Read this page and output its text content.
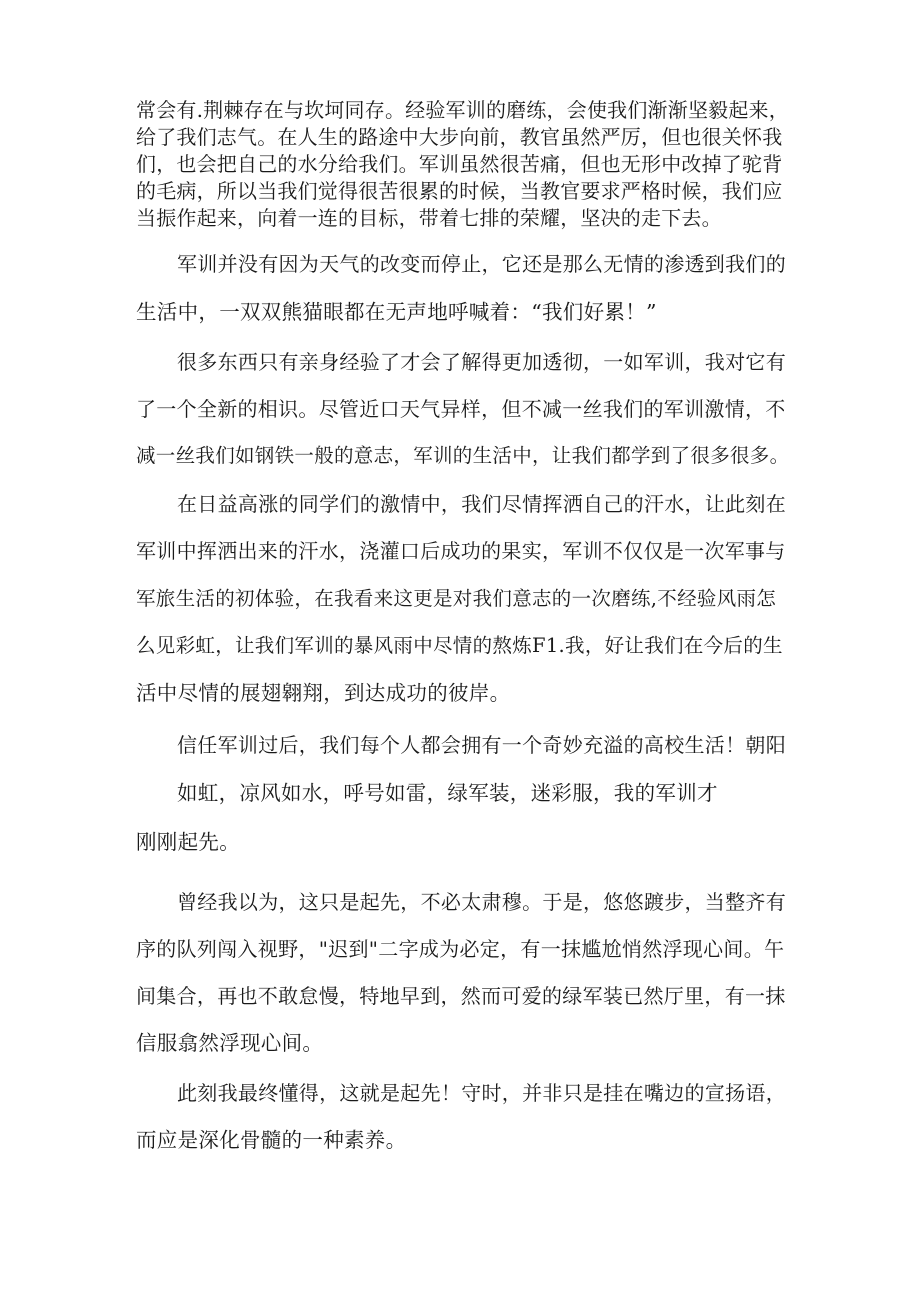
常会有.荆棘存在与坎坷同存。经验军训的磨练，会使我们渐渐坚毅起来，

给了我们志气。在人生的路途中大步向前，教官虽然严厉，但也很关怀我

们，也会把自己的水分给我们。军训虽然很苦痛，但也无形中改掉了驼背

的毛病，所以当我们觉得很苦很累的时候，当教官要求严格时候，我们应

当振作起来，向着一连的目标，带着七排的荣耀，坚决的走下去。

军训并没有因为天气的改变而停止，它还是那么无情的渗透到我们的

生活中，一双双熊猫眼都在无声地呼喊着：“我们好累！”

很多东西只有亲身经验了才会了解得更加透彻，一如军训，我对它有

了一个全新的相识。尽管近口天气异样，但不减一丝我们的军训激情，不

减一丝我们如钢铁一般的意志，军训的生活中，让我们都学到了很多很多。

在日益高涨的同学们的激情中，我们尽情挥洒自己的汗水，让此刻在

军训中挥洒出来的汗水，浇灌口后成功的果实，军训不仅仅是一次军事与

军旅生活的初体验，在我看来这更是对我们意志的一次磨练,不经验风雨怎

么见彩虹，让我们军训的暴风雨中尽情的熬炼F1.我，好让我们在今后的生

活中尽情的展翅翱翔，到达成功的彼岸。

信任军训过后，我们每个人都会拥有一个奇妙充溢的高校生活！朝阳

如虹，凉风如水，呼号如雷，绿军装，迷彩服，我的军训才

刚刚起先。

曾经我以为，这只是起先，不必太肃穆。于是，悠悠踱步，当整齐有

序的队列闯入视野，"迟到"二字成为必定，有一抹尴尬悄然浮现心间。午

间集合，再也不敢怠慢，特地早到，然而可爱的绿军装已然厅里，有一抹

信服翕然浮现心间。

此刻我最终懂得，这就是起先！守时，并非只是挂在嘴边的宣扬语，

而应是深化骨髓的一种素养。
